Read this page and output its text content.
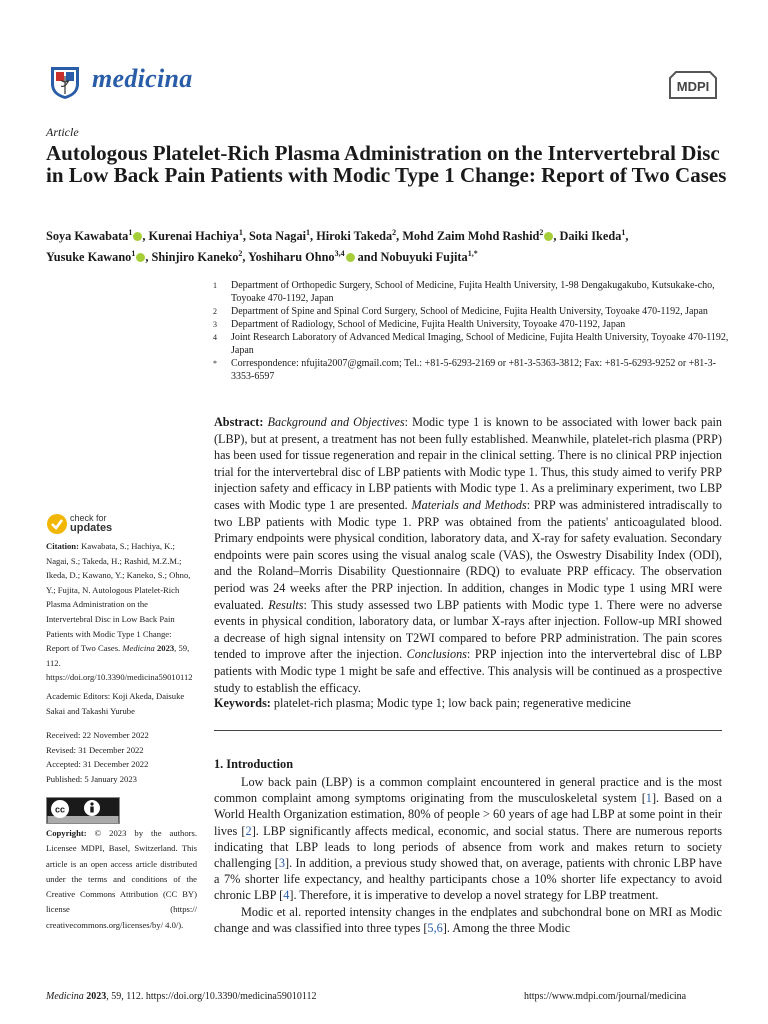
medicina	MDPI
Article
Autologous Platelet-Rich Plasma Administration on the Intervertebral Disc in Low Back Pain Patients with Modic Type 1 Change: Report of Two Cases
Soya Kawabata$^1$ , Kurenai Hachiya$^1$, Sota Nagai$^1$, Hiroki Takeda$^2$, Mohd Zaim Mohd Rashid$^2$ , Daiki Ikeda$^1$,
Yusuke Kawano$^1$ , Shinjiro Kaneko$^2$, Yoshiharu Ohno$^{3,4}$ and Nobuyuki Fujita$^{1,*}$
1	Department of Orthopedic Surgery, School of Medicine, Fujita Health University, 1-98 Dengakugakubo, Kutsukake-cho, Toyoake 470-1192, Japan
2	Department of Spine and Spinal Cord Surgery, School of Medicine, Fujita Health University, Toyoake 470-1192, Japan
3	Department of Radiology, School of Medicine, Fujita Health University, Toyoake 470-1192, Japan
4	Joint Research Laboratory of Advanced Medical Imaging, School of Medicine, Fujita Health University, Toyoake 470-1192, Japan
*	Correspondence: nfujita2007@gmail.com; Tel.: +81-5-6293-2169 or +81-3-5363-3812; Fax: +81-5-6293-9252 or +81-3-3353-6597
Abstract: Background and Objectives: Modic type 1 is known to be associated with lower back pain (LBP), but at present, a treatment has not been fully established. Meanwhile, platelet-rich plasma (PRP) has been used for tissue regeneration and repair in the clinical setting. There is no clinical PRP injection trial for the intervertebral disc of LBP patients with Modic type 1. Thus, this study aimed to verify PRP injection safety and efficacy in LBP patients with Modic type 1. As a preliminary experiment, two LBP cases with Modic type 1 are presented. Materials and Methods: PRP was administered intradiscally to two LBP patients with Modic type 1. PRP was obtained from the patients' anticoagulated blood. Primary endpoints were physical condition, laboratory data, and X-ray for safety evaluation. Secondary endpoints were pain scores using the visual analog scale (VAS), the Oswestry Disability Index (ODI), and the Roland–Morris Disability Questionnaire (RDQ) to evaluate PRP efficacy. The observation period was 24 weeks after the PRP injection. In addition, changes in Modic type 1 using MRI were evaluated. Results: This study assessed two LBP patients with Modic type 1. There were no adverse events in physical condition, laboratory data, or lumbar X-rays after injection. Follow-up MRI showed a decrease of high signal intensity on T2WI compared to before PRP administration. The pain scores tended to improve after the injection. Conclusions: PRP injection into the intervertebral disc of LBP patients with Modic type 1 might be safe and effective. This analysis will be continued as a prospective study to establish the efficacy.
Keywords: platelet-rich plasma; Modic type 1; low back pain; regenerative medicine
1. Introduction

Low back pain (LBP) is a common complaint encountered in general practice and is the most common complaint among symptoms originating from the musculoskeletal system [1]. Based on a World Health Organization estimation, 80% of people > 60 years of age had LBP at some point in their lives [2]. LBP significantly affects medical, economic, and social status. There are numerous reports indicating that LBP leads to long periods of absence from work and makes return to society challenging [3]. In addition, a previous study showed that, on average, patients with chronic LBP have a 7% shorter life expectancy, and healthy participants chose a 10% shorter life expectancy to avoid chronic LBP [4]. Therefore, it is imperative to develop a novel strategy for LBP treatment.

Modic et al. reported intensity changes in the endplates and subchondral bone on MRI as Modic change and was classified into three types [5,6]. Among the three Modic

check for
updates

Citation: Kawabata, S.; Hachiya, K.; Nagai, S.; Takeda, H.; Rashid, M.Z.M.; Ikeda, D.; Kawano, Y.; Kaneko, S.; Ohno, Y.; Fujita, N. Autologous Platelet-Rich Plasma Administration on the Intervertebral Disc in Low Back Pain Patients with Modic Type 1 Change: Report of Two Cases. Medicina 2023, 59, 112. https://doi.org/10.3390/medicina59010112

Academic Editors: Koji Akeda, Daisuke Sakai and Takashi Yurube
Received: 22 November 2022
Revised: 31 December 2022
Accepted: 31 December 2022
Published: 5 January 2023
cc
Copyright: © 2023 by the authors. Licensee MDPI, Basel, Switzerland. This article is an open access article distributed under the terms and conditions of the Creative Commons Attribution (CC BY) license (https:// creativecommons.org/licenses/by/ 4.0/).
Medicina 2023, 59, 112. https://doi.org/10.3390/medicina59010112	https://www.mdpi.com/journal/medicina
